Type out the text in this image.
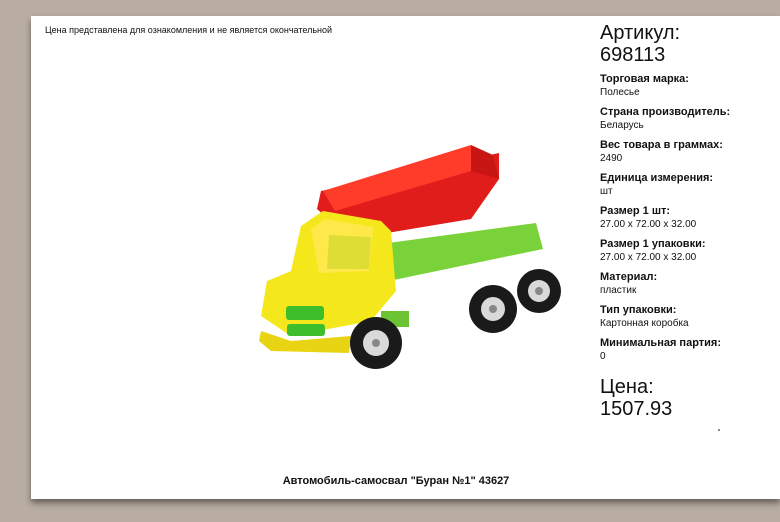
Цена представлена для ознакомления и не является окончательной
Автомобиль-самосвал "Буран №1" 43627
Артикул:
698113
Торговая марка:
Полесье
Страна производитель:
Беларусь
Вес товара в граммах:
2490
Единица измерения:
шт
Размер 1 шт:
27.00 x 72.00 x 32.00
Размер 1 упаковки:
27.00 x 72.00 x 32.00
Материал:
пластик
Тип упаковки:
Картонная коробка
Минимальная партия:
0
Цена:
1507.93
